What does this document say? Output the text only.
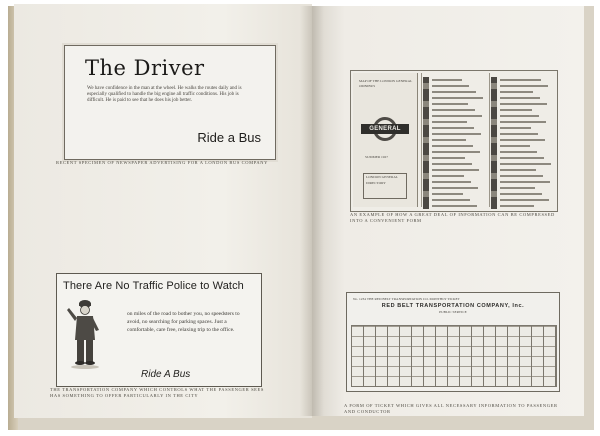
The Driver
We have confidence in the man at the wheel. He walks the routes daily and is especially qualified to handle the big engine all traffic conditions. His job is difficult. He is paid to see that he does his job better.
Ride a Bus
RECENT SPECIMEN OF NEWSPAPER ADVERTISING FOR A LONDON BUS COMPANY
There Are No Traffic Police to Watch
on miles of the road to bother you, no speedsters to avoid, no searching for parking spaces. Just a comfortable, care free, relaxing trip to the office.
Ride A Bus
THE TRANSPORTATION COMPANY WHICH CONTROLS WHAT THE PASSENGER SEES HAS SOMETHING TO OFFER PARTICULARLY IN THE CITY
MAP OF THE LONDON GENERAL OMNIBUS
GENERAL
SUMMER 1927
LONDON GENERAL DIRECTORY
AN EXAMPLE OF HOW A GREAT DEAL OF INFORMATION CAN BE COMPRESSED INTO A CONVENIENT FORM
No. 1234 THE RED BELT TRANSPORTATION CO. MONTHLY TICKET
RED BELT TRANSPORTATION COMPANY, Inc.
PUBLIC SERVICE
A FORM OF TICKET WHICH GIVES ALL NECESSARY INFORMATION TO PASSENGER AND CONDUCTOR
